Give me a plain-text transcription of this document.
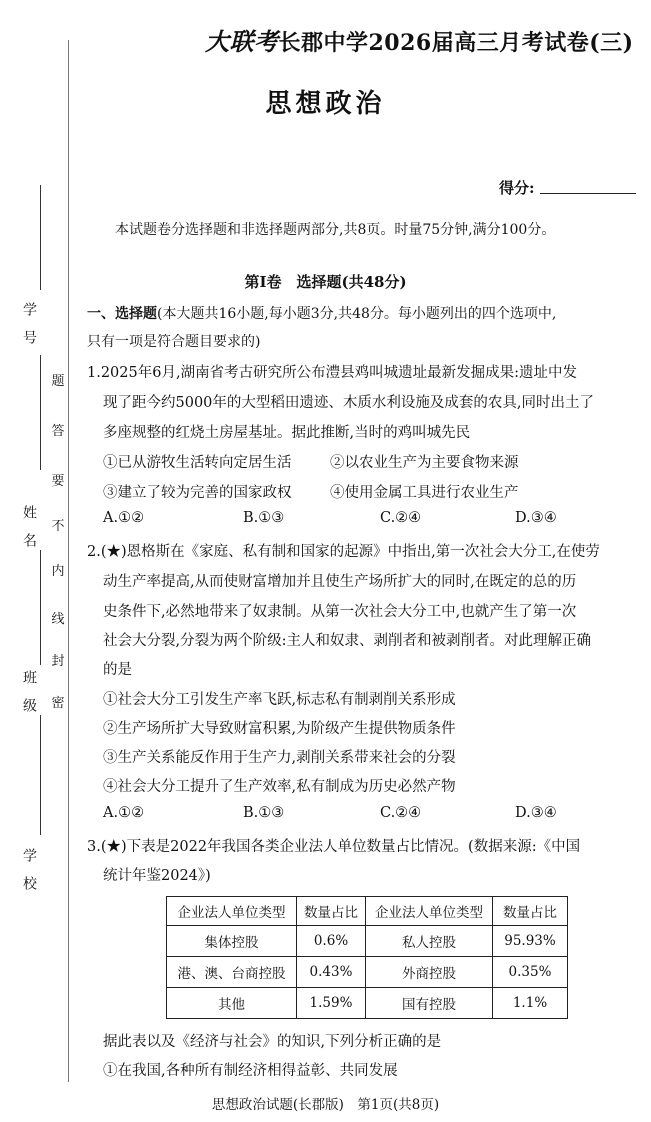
学号
姓名
班级
学校
题
答
要
不
内
线
封
密
大联考长郡中学2026届高三月考试卷(三)
思想政治
得分:
本试题卷分选择题和非选择题两部分,共8页。时量75分钟,满分100分。
第Ⅰ卷　选择题(共48分)
一、选择题(本大题共16小题,每小题3分,共48分。每小题列出的四个选项中,
只有一项是符合题目要求的)
1.2025年6月,湖南省考古研究所公布澧县鸡叫城遗址最新发掘成果:遗址中发
现了距今约5000年的大型稻田遗迹、木质水利设施及成套的农具,同时出土了
多座规整的红烧土房屋基址。据此推断,当时的鸡叫城先民
①已从游牧生活转向定居生活	②以农业生产为主要食物来源
③建立了较为完善的国家政权	④使用金属工具进行农业生产
A.①②	B.①③	C.②④	D.③④
2.(★)恩格斯在《家庭、私有制和国家的起源》中指出,第一次社会大分工,在使劳
动生产率提高,从而使财富增加并且使生产场所扩大的同时,在既定的总的历
史条件下,必然地带来了奴隶制。从第一次社会大分工中,也就产生了第一次
社会大分裂,分裂为两个阶级:主人和奴隶、剥削者和被剥削者。对此理解正确
的是
①社会大分工引发生产率飞跃,标志私有制剥削关系形成
②生产场所扩大导致财富积累,为阶级产生提供物质条件
③生产关系能反作用于生产力,剥削关系带来社会的分裂
④社会大分工提升了生产效率,私有制成为历史必然产物
A.①②	B.①③	C.②④	D.③④
3.(★)下表是2022年我国各类企业法人单位数量占比情况。(数据来源:《中国
统计年鉴2024》)
企业法人单位类型	数量占比	企业法人单位类型	数量占比
集体控股	0.6%	私人控股	95.93%
港、澳、台商控股	0.43%	外商控股	0.35%
其他	1.59%	国有控股	1.1%
据此表以及《经济与社会》的知识,下列分析正确的是
①在我国,各种所有制经济相得益彰、共同发展
思想政治试题(长郡版)　第1页(共8页)
